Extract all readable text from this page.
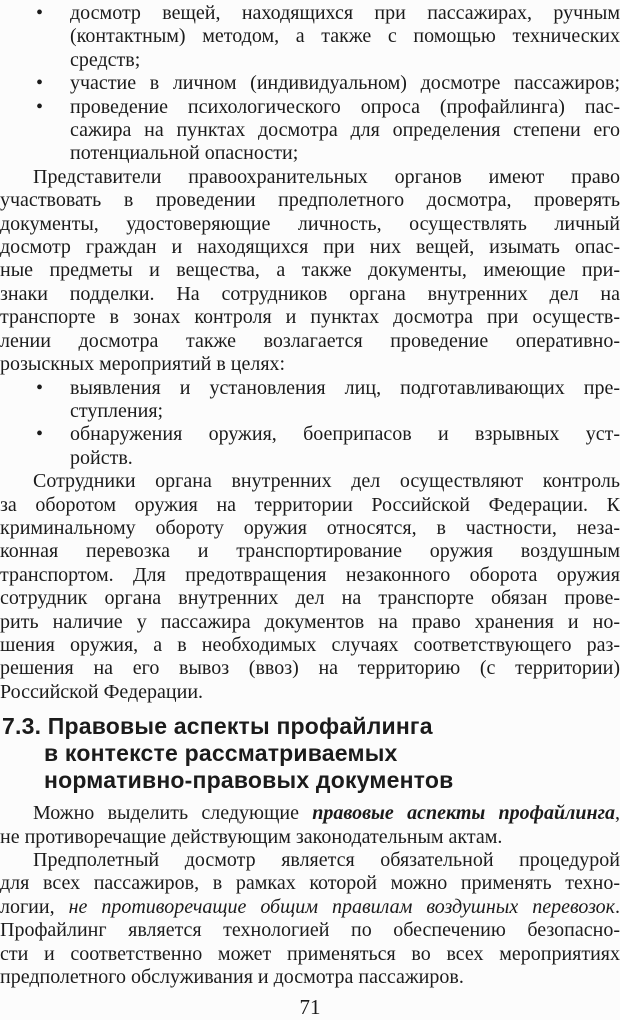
• досмотр вещей, находящихся при пассажирах, ручным
(контактным) методом, а также с помощью технических
средств;
• участие в личном (индивидуальном) досмотре пассажиров;
• проведение психологического опроса (профайлинга) пас-
сажира на пунктах досмотра для определения степени его
потенциальной опасности;
Представители правоохранительных органов имеют право
участвовать в проведении предполетного досмотра, проверять
документы, удостоверяющие личность, осуществлять личный
досмотр граждан и находящихся при них вещей, изымать опас-
ные предметы и вещества, а также документы, имеющие при-
знаки подделки. На сотрудников органа внутренних дел на
транспорте в зонах контроля и пунктах досмотра при осуществ-
лении досмотра также возлагается проведение оперативно-
розыскных мероприятий в целях:
• выявления и установления лиц, подготавливающих пре-
ступления;
• обнаружения оружия, боеприпасов и взрывных уст-
ройств.
Сотрудники органа внутренних дел осуществляют контроль
за оборотом оружия на территории Российской Федерации. К
криминальному обороту оружия относятся, в частности, неза-
конная перевозка и транспортирование оружия воздушным
транспортом. Для предотвращения незаконного оборота оружия
сотрудник органа внутренних дел на транспорте обязан прове-
рить наличие у пассажира документов на право хранения и но-
шения оружия, а в необходимых случаях соответствующего раз-
решения на его вывоз (ввоз) на территорию (с территории)
Российской Федерации.
7.3. Правовые аспекты профайлинга
в контексте рассматриваемых
нормативно-правовых документов
Можно выделить следующие правовые аспекты профайлинга,
не противоречащие действующим законодательным актам.
Предполетный досмотр является обязательной процедурой
для всех пассажиров, в рамках которой можно применять техно-
логии, не противоречащие общим правилам воздушных перевозок.
Профайлинг является технологией по обеспечению безопасно-
сти и соответственно может применяться во всех мероприятиях
предполетного обслуживания и досмотра пассажиров.
71
